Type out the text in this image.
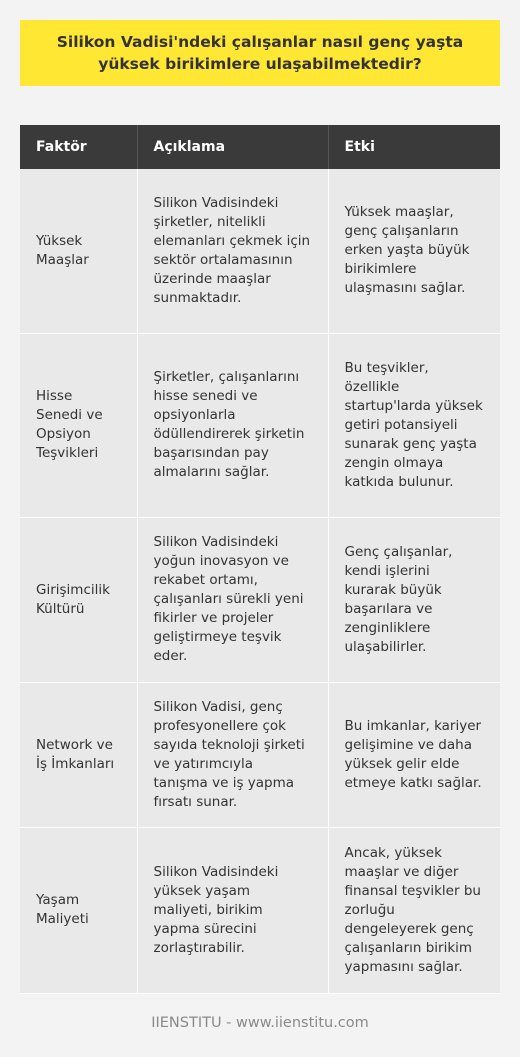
Silikon Vadisi'ndeki çalışanlar nasıl genç yaşta yüksek birikimlere ulaşabilmektedir?
Faktör	Açıklama	Etki
Yüksek Maaşlar	Silikon Vadisindeki şirketler, nitelikli elemanları çekmek için sektör ortalamasının üzerinde maaşlar sunmaktadır.	Yüksek maaşlar, genç çalışanların erken yaşta büyük birikimlere ulaşmasını sağlar.
Hisse Senedi ve Opsiyon Teşvikleri	Şirketler, çalışanlarını hisse senedi ve opsiyonlarla ödüllendirerek şirketin başarısından pay almalarını sağlar.	Bu teşvikler, özellikle startup'larda yüksek getiri potansiyeli sunarak genç yaşta zengin olmaya katkıda bulunur.
Girişimcilik Kültürü	Silikon Vadisindeki yoğun inovasyon ve rekabet ortamı, çalışanları sürekli yeni fikirler ve projeler geliştirmeye teşvik eder.	Genç çalışanlar, kendi işlerini kurarak büyük başarılara ve zenginliklere ulaşabilirler.
Network ve İş İmkanları	Silikon Vadisi, genç profesyonellere çok sayıda teknoloji şirketi ve yatırımcıyla tanışma ve iş yapma fırsatı sunar.	Bu imkanlar, kariyer gelişimine ve daha yüksek gelir elde etmeye katkı sağlar.
Yaşam Maliyeti	Silikon Vadisindeki yüksek yaşam maliyeti, birikim yapma sürecini zorlaştırabilir.	Ancak, yüksek maaşlar ve diğer finansal teşvikler bu zorluğu dengeleyerek genç çalışanların birikim yapmasını sağlar.
IIENSTITU - www.iienstitu.com
